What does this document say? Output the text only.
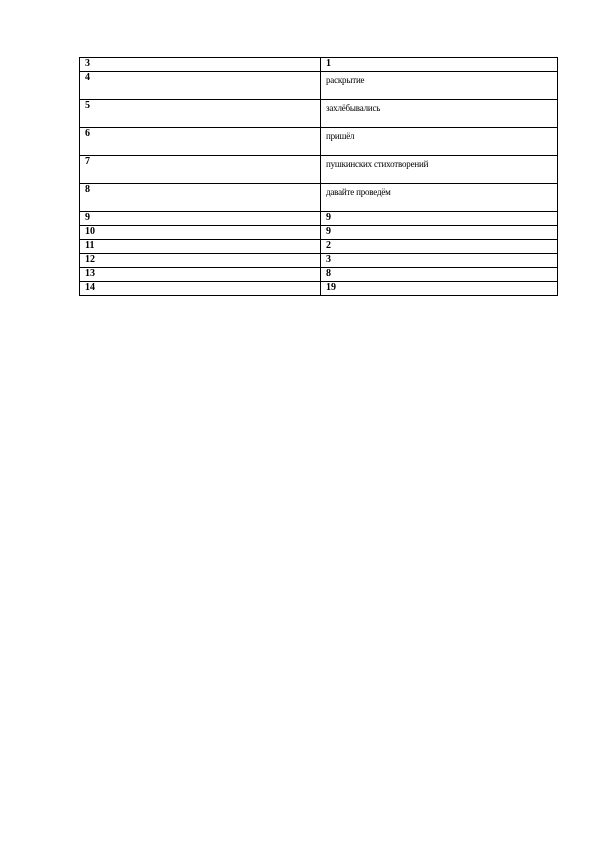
3	1
4	раскрытие
5	захлёбывались
6	пришёл
7	пушкинских стихотворений
8	давайте проведём
9	9
10	9
11	2
12	3
13	8
14	19
